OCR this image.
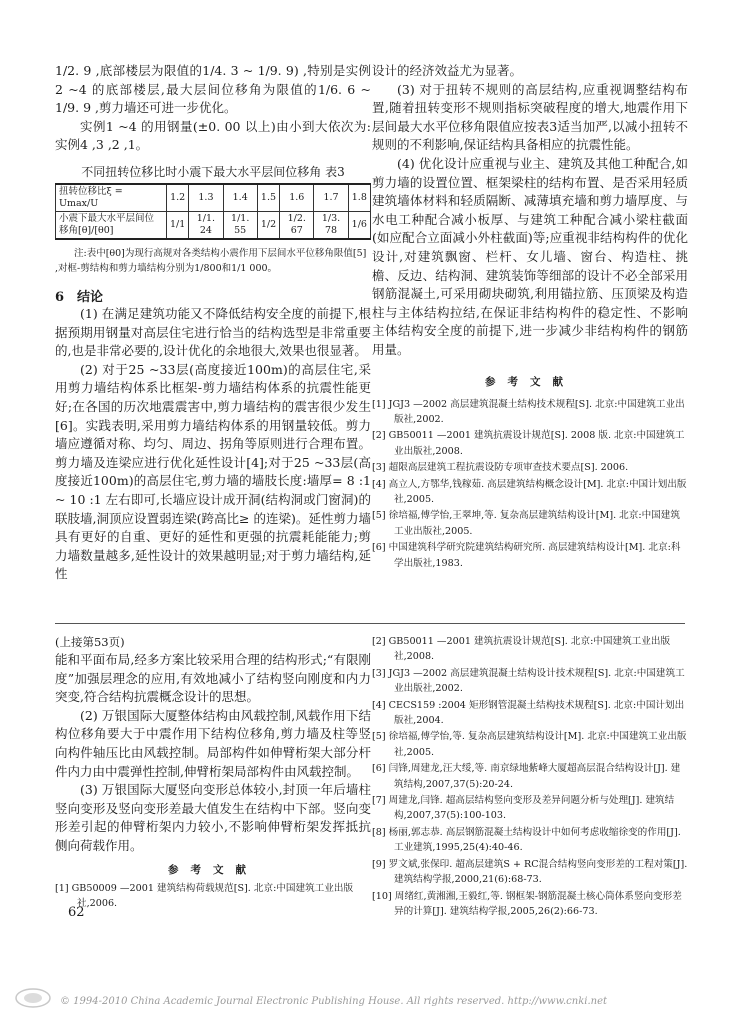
1/2. 9 ,底部楼层为限值的1/4. 3 ~ 1/9. 9) ,特别是实例2 ~4 的底部楼层,最大层间位移角为限值的1/6. 6 ~ 1/9. 9 ,剪力墙还可进一步优化。

实例1 ~4 的用钢量(±0. 00 以上)由小到大依次为:实例4 ,3 ,2 ,1。

不同扭转位移比时小震下最大水平层间位移角 表3

扭转位移比ξ = Umax/U	1.2	1.3	1.4	1.5	1.6	1.7	1.8
小震下最大水平层间位移角[θ]/[θ0]	1/1	1/1. 24	1/1. 55	1/2	1/2. 67	1/3. 78	1/6

注:表中[θ0]为现行高规对各类结构小震作用下层间水平位移角限值[5] ,对框-剪结构和剪力墙结构分别为1/800和1/1 000。

6　结论

(1) 在满足建筑功能又不降低结构安全度的前提下,根据预期用钢量对高层住宅进行恰当的结构选型是非常重要的,也是非常必要的,设计优化的余地很大,效果也很显著。

(2) 对于25 ~33层(高度接近100m)的高层住宅,采用剪力墙结构体系比框架-剪力墙结构体系的抗震性能更好;在各国的历次地震震害中,剪力墙结构的震害很少发生[6]。实践表明,采用剪力墙结构体系的用钢量较低。剪力墙应遵循对称、均匀、周边、拐角等原则进行合理布置。剪力墙及连梁应进行优化延性设计[4];对于25 ~33层(高度接近100m)的高层住宅,剪力墙的墙肢长度:墙厚= 8 :1 ~ 10 :1 左右即可,长墙应设计成开洞(结构洞或门窗洞)的联肢墙,洞顶应设置弱连梁(跨高比≥ 的连梁)。延性剪力墙具有更好的自重、更好的延性和更强的抗震耗能能力;剪力墙数量越多,延性设计的效果越明显;对于剪力墙结构,延性

设计的经济效益尤为显著。

(3) 对于扭转不规则的高层结构,应重视调整结构布置,随着扭转变形不规则指标突破程度的增大,地震作用下层间最大水平位移角限值应按表3适当加严,以减小扭转不规则的不利影响,保证结构具备相应的抗震性能。

(4) 优化设计应重视与业主、建筑及其他工种配合,如剪力墙的设置位置、框架梁柱的结构布置、是否采用轻质建筑墙体材料和轻质隔断、减薄填充墙和剪力墙厚度、与水电工种配合减小板厚、与建筑工种配合减小梁柱截面(如应配合立面减小外柱截面)等;应重视非结构构件的优化设计,对建筑飘窗、栏杆、女儿墙、窗台、构造柱、挑檐、反边、结构洞、建筑装饰等细部的设计不必全部采用钢筋混凝土,可采用砌块砌筑,利用锚拉筋、压顶梁及构造柱与主体结构拉结,在保证非结构构件的稳定性、不影响主体结构安全度的前提下,进一步减少非结构构件的钢筋用量。

参考文献

[1] JGJ3 —2002 高层建筑混凝土结构技术规程[S]. 北京:中国建筑工业出版社,2002.

[2] GB50011 —2001 建筑抗震设计规范[S]. 2008 版. 北京:中国建筑工业出版社,2008.

[3] 超限高层建筑工程抗震设防专项审查技术要点[S]. 2006.

[4] 高立人,方鄂华,钱稼茹. 高层建筑结构概念设计[M]. 北京:中国计划出版社,2005.

[5] 徐培福,傅学怡,王翠坤,等. 复杂高层建筑结构设计[M]. 北京:中国建筑工业出版社,2005.

[6] 中国建筑科学研究院建筑结构研究所. 高层建筑结构设计[M]. 北京:科学出版社,1983.

(上接第53页)

能和平面布局,经多方案比较采用合理的结构形式;“有限刚度”加强层理念的应用,有效地减小了结构竖向刚度和内力突变,符合结构抗震概念设计的思想。

(2) 万银国际大厦整体结构由风载控制,风载作用下结构位移角要大于中震作用下结构位移角,剪力墙及柱等竖向构件轴压比由风载控制。局部构件如伸臂桁架大部分杆件内力由中震弹性控制,伸臂桁架局部构件由风载控制。

(3) 万银国际大厦竖向变形总体较小,封顶一年后墙柱竖向变形及竖向变形差最大值发生在结构中下部。竖向变形差引起的伸臂桁架内力较小,不影响伸臂桁架发挥抵抗侧向荷载作用。

参考文献

[1] GB50009 —2001 建筑结构荷载规范[S]. 北京:中国建筑工业出版社,2006.

[2] GB50011 —2001 建筑抗震设计规范[S]. 北京:中国建筑工业出版社,2008.

[3] JGJ3 —2002 高层建筑混凝土结构设计技术规程[S]. 北京:中国建筑工业出版社,2002.

[4] CECS159 :2004 矩形钢管混凝土结构技术规程[S]. 北京:中国计划出版社,2004.

[5] 徐培福,傅学怡,等. 复杂高层建筑结构设计[M]. 北京:中国建筑工业出版社,2005.

[6] 闫锋,周建龙,汪大绥,等. 南京绿地紫峰大厦超高层混合结构设计[J]. 建筑结构,2007,37(5):20-24.

[7] 周建龙,闫锋. 超高层结构竖向变形及差异问题分析与处理[J]. 建筑结构,2007,37(5):100-103.

[8] 杨丽,郭志恭. 高层钢筋混凝土结构设计中如何考虑收缩徐变的作用[J]. 工业建筑,1995,25(4):40-46.

[9] 罗文斌,张保印. 超高层建筑S + RC混合结构竖向变形差的工程对策[J]. 建筑结构学报,2000,21(6):68-73.

[10] 周绪红,黄湘湘,王毅红,等. 钢框架-钢筋混凝土核心筒体系竖向变形差异的计算[J]. 建筑结构学报,2005,26(2):66-73.

62
© 1994-2010 China Academic Journal Electronic Publishing House. All rights reserved. http://www.cnki.net
